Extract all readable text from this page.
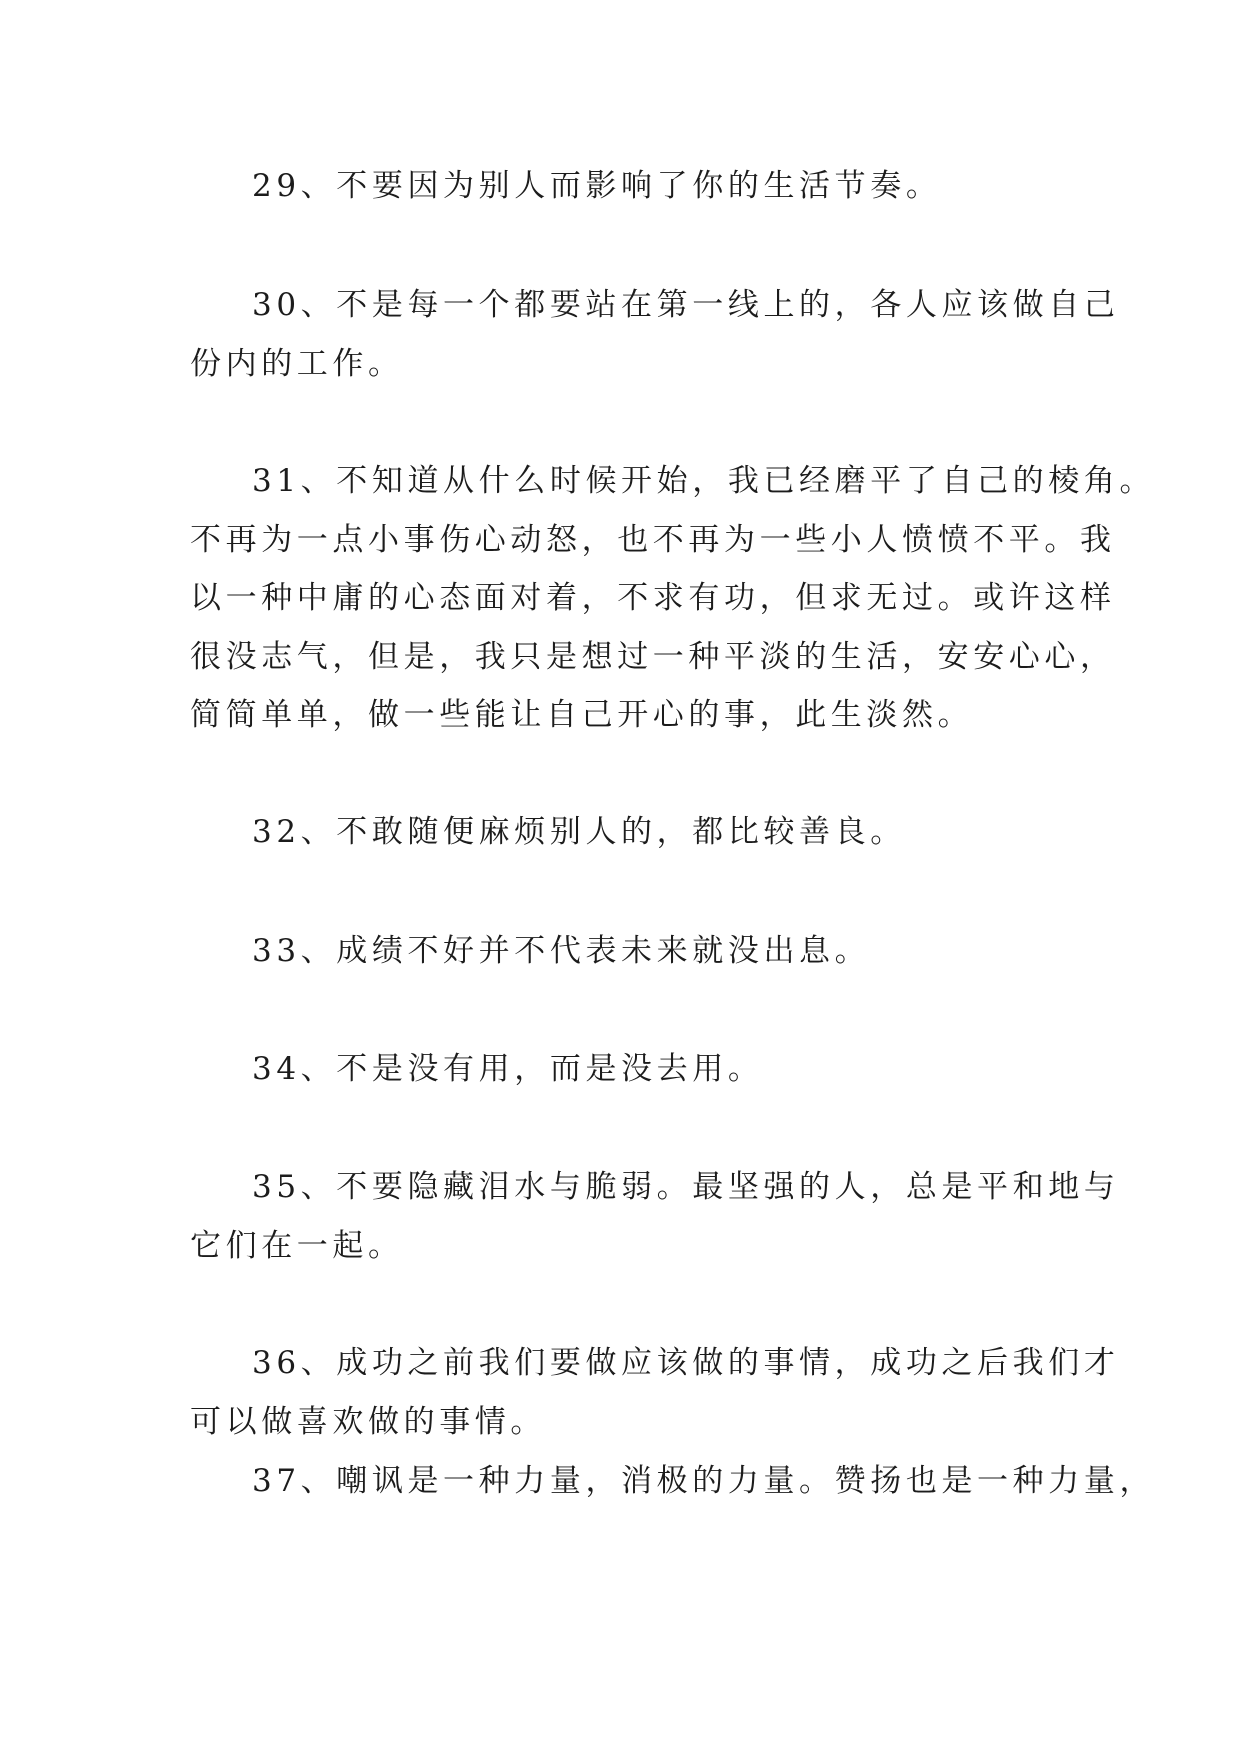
29、不要因为别人而影响了你的生活节奏。

30、不是每一个都要站在第一线上的，各人应该做自己
份内的工作。

31、不知道从什么时候开始，我已经磨平了自己的棱角。
不再为一点小事伤心动怒，也不再为一些小人愤愤不平。我
以一种中庸的心态面对着，不求有功，但求无过。或许这样
很没志气，但是，我只是想过一种平淡的生活，安安心心，
简简单单，做一些能让自己开心的事，此生淡然。

32、不敢随便麻烦别人的，都比较善良。

33、成绩不好并不代表未来就没出息。

34、不是没有用，而是没去用。

35、不要隐藏泪水与脆弱。最坚强的人，总是平和地与
它们在一起。

36、成功之前我们要做应该做的事情，成功之后我们才
可以做喜欢做的事情。

37、嘲讽是一种力量，消极的力量。赞扬也是一种力量，
